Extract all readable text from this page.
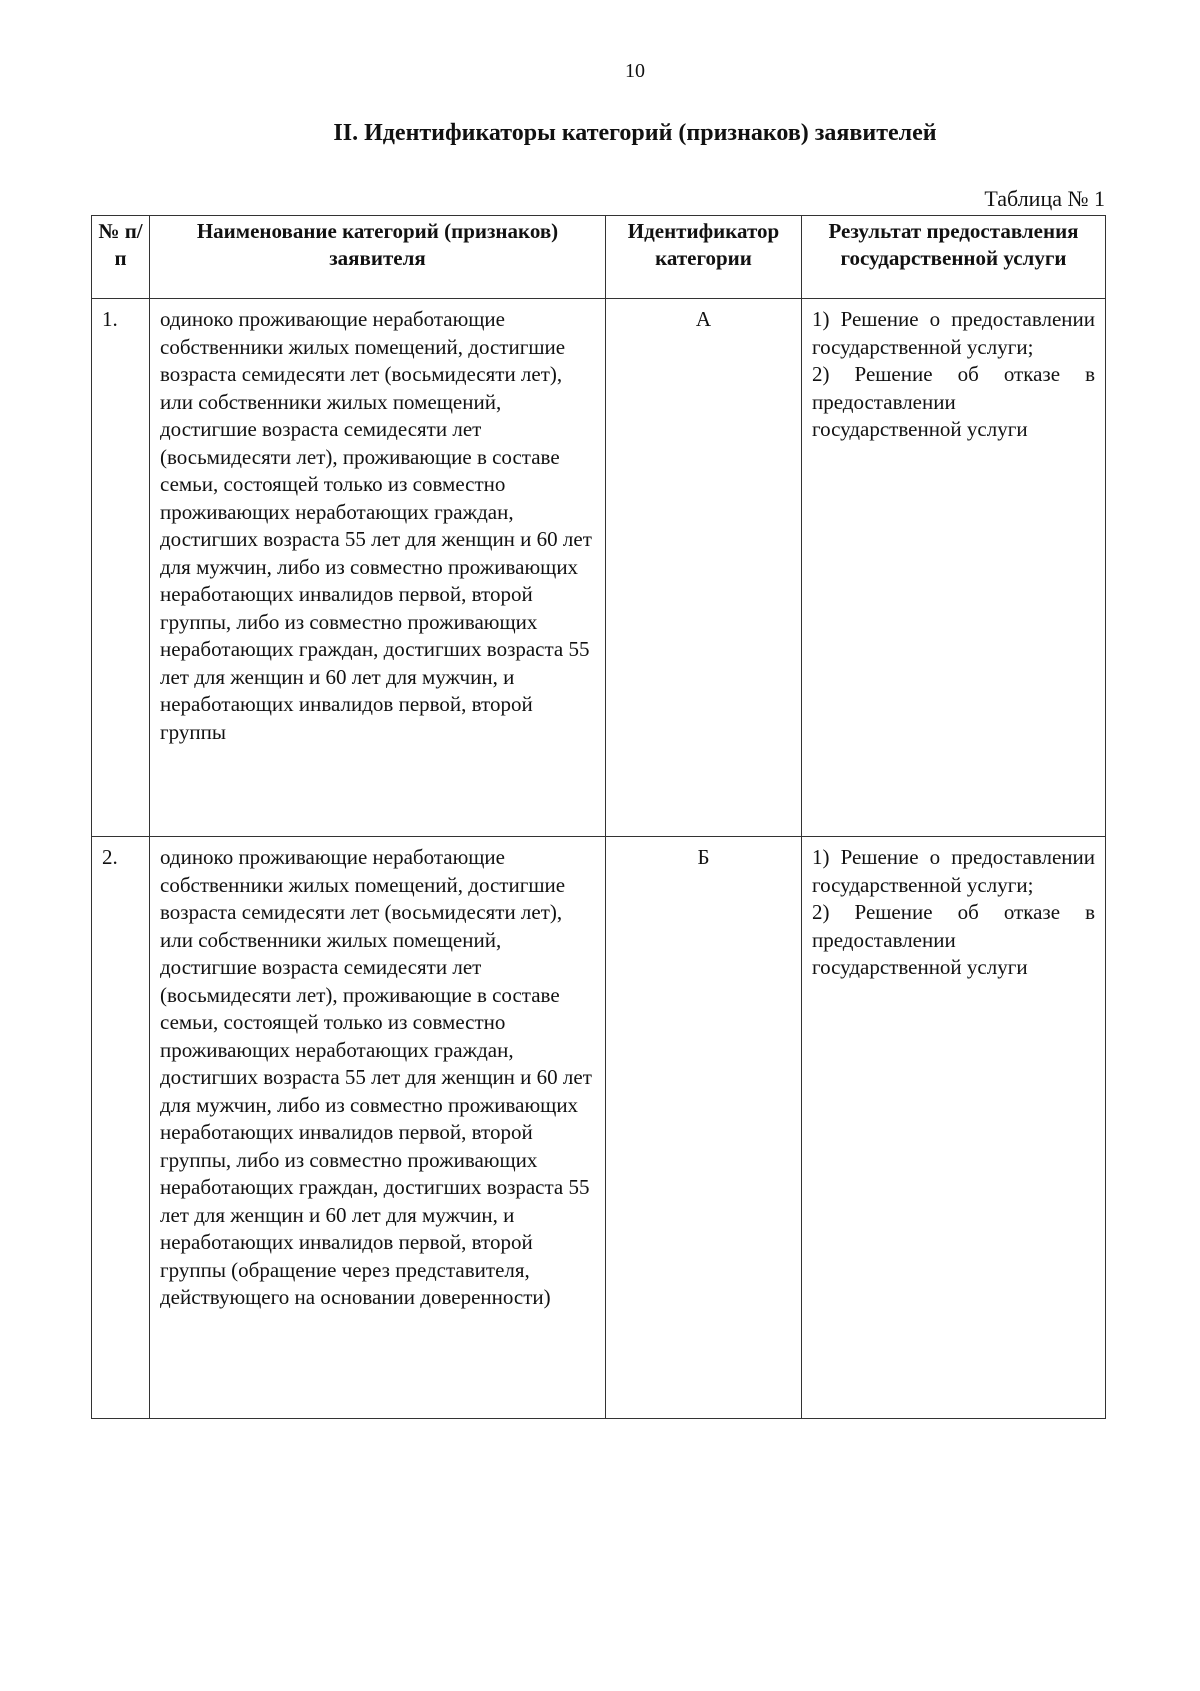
10
II. Идентификаторы категорий (признаков) заявителей
Таблица № 1
№ п/п	Наименование категорий (признаков) заявителя	Идентификатор категории	Результат предоставления государственной услуги
1.	одиноко проживающие неработающие собственники жилых помещений, достигшие возраста семидесяти лет (восьмидесяти лет), или собственники жилых помещений, достигшие возраста семидесяти лет (восьмидесяти лет), проживающие в составе семьи, состоящей только из совместно проживающих неработающих граждан, достигших возраста 55 лет для женщин и 60 лет для мужчин, либо из совместно проживающих неработающих инвалидов первой, второй группы, либо из совместно проживающих неработающих граждан, достигших возраста 55 лет для женщин и 60 лет для мужчин, и неработающих инвалидов первой, второй группы	А	1) Решение о предоставлении государственной услуги;
2) Решение об отказе в предоставлении государственной услуги

2.	одиноко проживающие неработающие собственники жилых помещений, достигшие возраста семидесяти лет (восьмидесяти лет), или собственники жилых помещений, достигшие возраста семидесяти лет (восьмидесяти лет), проживающие в составе семьи, состоящей только из совместно проживающих неработающих граждан, достигших возраста 55 лет для женщин и 60 лет для мужчин, либо из совместно проживающих неработающих инвалидов первой, второй группы, либо из совместно проживающих неработающих граждан, достигших возраста 55 лет для женщин и 60 лет для мужчин, и неработающих инвалидов первой, второй группы (обращение через представителя, действующего на основании доверенности)	Б	1) Решение о предоставлении государственной услуги;
2) Решение об отказе в предоставлении государственной услуги
